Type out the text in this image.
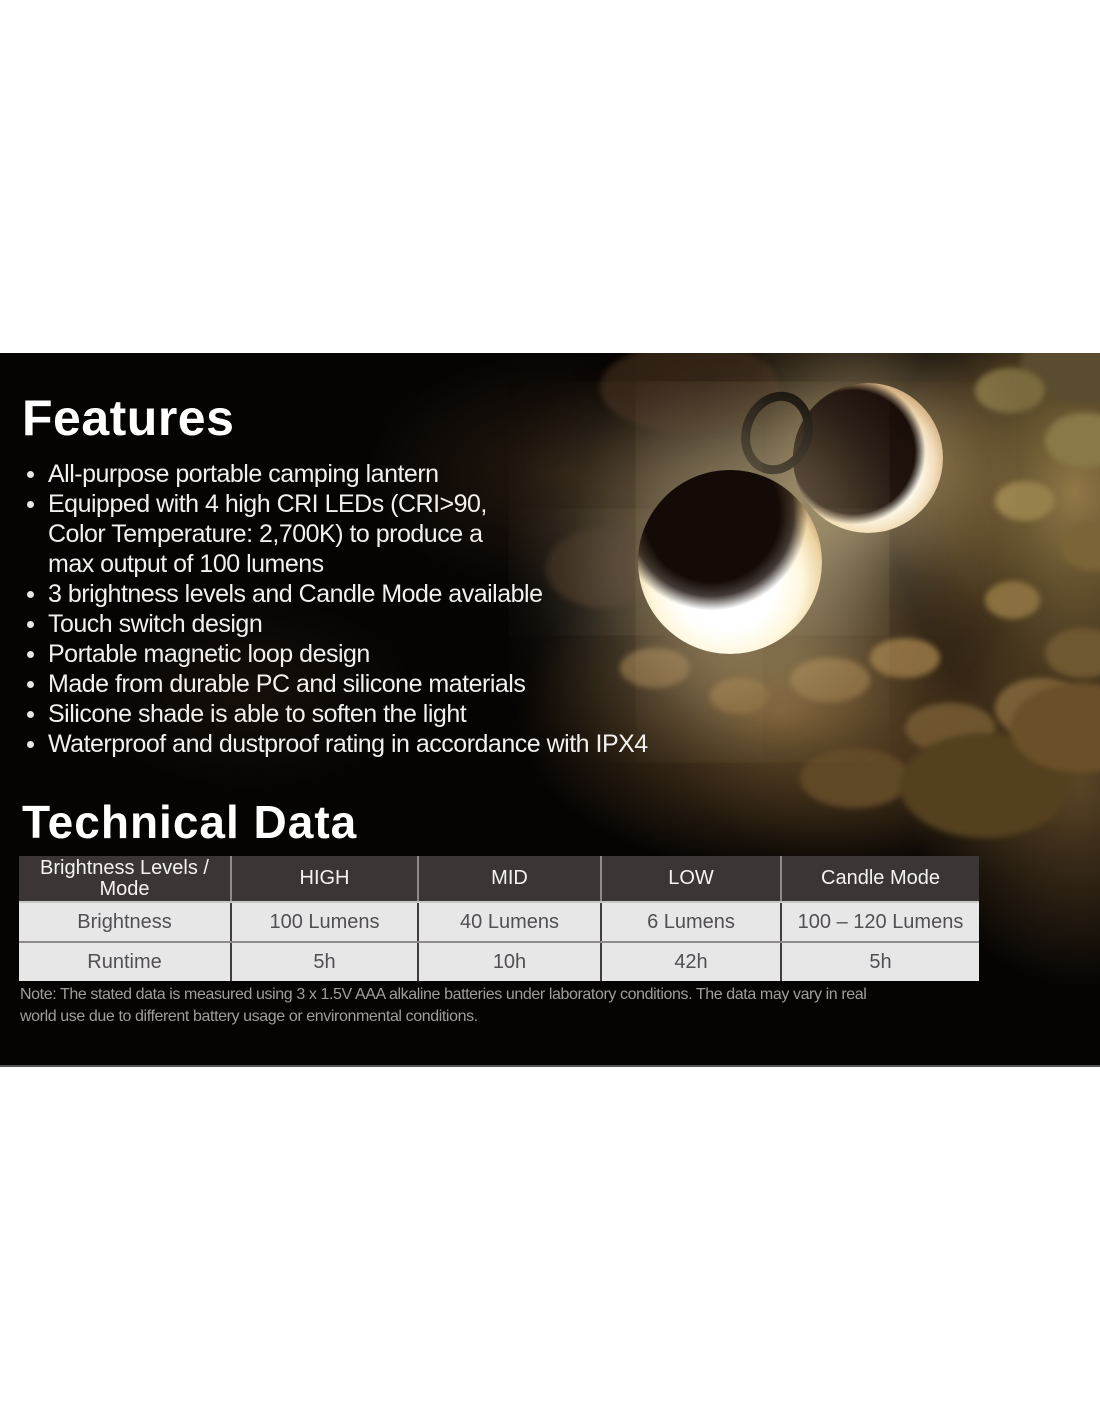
Features
All-purpose portable camping lantern
Equipped with 4 high CRI LEDs (CRI>90,
Color Temperature: 2,700K) to produce a
max output of 100 lumens
3 brightness levels and Candle Mode available
Touch switch design
Portable magnetic loop design
Made from durable PC and silicone materials
Silicone shade is able to soften the light
Waterproof and dustproof rating in accordance with IPX4
Technical Data
Brightness Levels / Mode	HIGH	MID	LOW	Candle Mode
Brightness	100 Lumens	40 Lumens	6 Lumens	100 – 120 Lumens
Runtime	5h	10h	42h	5h
Note: The stated data is measured using 3 x 1.5V AAA alkaline batteries under laboratory conditions. The data may vary in real
world use due to different battery usage or environmental conditions.
